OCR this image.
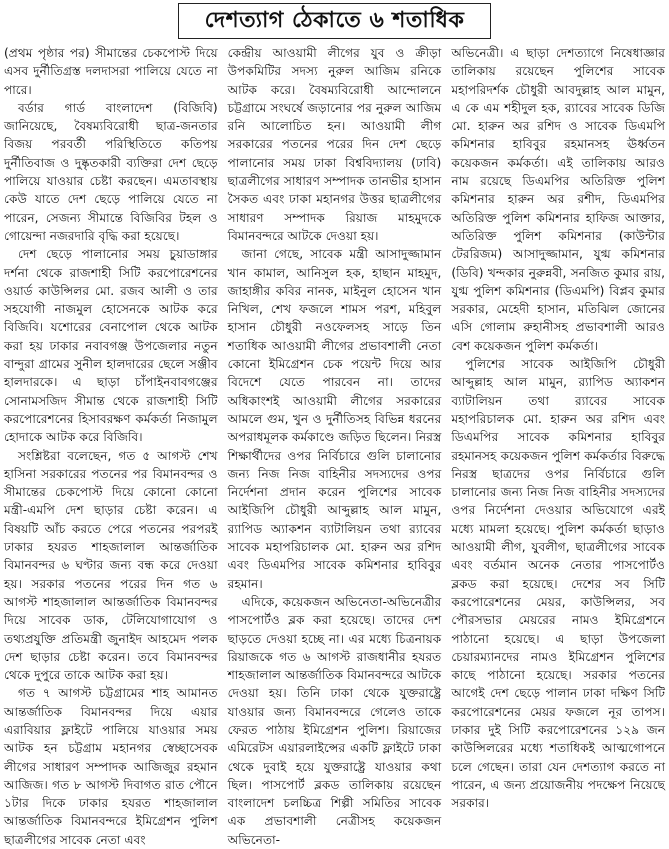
দেশত্যাগ ঠেকাতে ৬ শতাধিক

(প্রথম পৃষ্ঠার পর) সীমান্তের চেকপোস্ট দিয়ে এসব দুর্নীতিগ্রস্ত দলদাসরা পালিয়ে যেতে না পারে।

বর্ডার গার্ড বাংলাদেশ (বিজিবি) জানিয়েছে, বৈষম্যবিরোধী ছাত্র-জনতার বিজয় পরবর্তী পরিস্থিতিতে কতিপয় দুর্নীতিবাজ ও দুষ্কৃতকারী ব্যক্তিরা দেশ ছেড়ে পালিয়ে যাওয়ার চেষ্টা করছেন। এমতাবস্থায় কেউ যাতে দেশ ছেড়ে পালিয়ে যেতে না পারেন, সেজন্য সীমান্তে বিজিবির টহল ও গোয়েন্দা নজরদারি বৃদ্ধি করা হয়েছে।

দেশ ছেড়ে পালানোর সময় চুয়াডাঙ্গার দর্শনা থেকে রাজশাহী সিটি করপোরেশনের ওয়ার্ড কাউন্সিলর মো. রজব আলী ও তার সহযোগী নাজমুল হোসেনকে আটক করে বিজিবি। যশোরের বেনাপোল থেকে আটক করা হয় ঢাকার নবাবগঞ্জ উপজেলার নতুন বান্দুরা গ্রামের সুনীল হালদারের ছেলে সঞ্জীব হালদারকে। এ ছাড়া চাঁপাইনবাবগঞ্জের সোনামসজিদ সীমান্ত থেকে রাজশাহী সিটি করপোরেশনের হিসাবরক্ষণ কর্মকর্তা নিজামুল হোদাকে আটক করে বিজিবি।

সংশ্লিষ্টরা বলেছেন, গত ৫ আগস্ট শেখ হাসিনা সরকারের পতনের পর বিমানবন্দর ও সীমান্তের চেকপোস্ট দিয়ে কোনো কোনো মন্ত্রী-এমপি দেশ ছাড়ার চেষ্টা করেন। এ বিষয়টি আঁচ করতে পেরে পতনের পরপরই ঢাকার হযরত শাহজালাল আন্তর্জাতিক বিমানবন্দর ৬ ঘণ্টার জন্য বন্ধ করে দেওয়া হয়। সরকার পতনের পরের দিন গত ৬ আগস্ট শাহজালাল আন্তর্জাতিক বিমানবন্দর দিয়ে সাবেক ডাক, টেলিযোগাযোগ ও তথ্যপ্রযুক্তি প্রতিমন্ত্রী জুনাইদ আহমেদ পলক দেশ ছাড়ার চেষ্টা করেন। তবে বিমানবন্দর থেকে দুপুরে তাকে আটক করা হয়।

গত ৭ আগস্ট চট্টগ্রামের শাহ আমানত আন্তর্জাতিক বিমানবন্দর দিয়ে এয়ার এরাবিয়ার ফ্লাইটে পালিয়ে যাওয়ার সময় আটক হন চট্টগ্রাম মহানগর স্বেচ্ছাসেবক লীগের সাধারণ সম্পাদক আজিজুর রহমান আজিজ। গত ৮ আগস্ট দিবাগত রাত পৌনে ১টার দিকে ঢাকার হযরত শাহজালাল আন্তর্জাতিক বিমানবন্দরে ইমিগ্রেশন পুলিশ ছাত্রলীগের সাবেক নেতা এবং

কেন্দ্রীয় আওয়ামী লীগের যুব ও ক্রীড়া উপকমিটির সদস্য নুরুল আজিম রনিকে আটক করে। বৈষম্যবিরোধী আন্দোলনে চট্টগ্রামে সংঘর্ষে জড়ানোর পর নুরুল আজিম রনি আলোচিত হন। আওয়ামী লীগ সরকারের পতনের পরের দিন দেশ ছেড়ে পালানোর সময় ঢাকা বিশ্ববিদ্যালয় (ঢাবি) ছাত্রলীগের সাধারণ সম্পাদক তানভীর হাসান সৈকত এবং ঢাকা মহানগর উত্তর ছাত্রলীগের সাধারণ সম্পাদক রিয়াজ মাহমুদকে বিমানবন্দরে আটকে দেওয়া হয়।

জানা গেছে, সাবেক মন্ত্রী আসাদুজ্জামান খান কামাল, আনিসুল হক, হাছান মাহমুদ, জাহাঙ্গীর কবির নানক, মাইনুল হোসেন খান নিখিল, শেখ ফজলে শামস পরশ, মহিবুল হাসান চৌধুরী নওফেলসহ সাড়ে তিন শতাধিক আওয়ামী লীগের প্রভাবশালী নেতা কোনো ইমিগ্রেশন চেক পয়েন্ট দিয়ে আর বিদেশে যেতে পারবেন না। তাদের অধিকাংশই আওয়ামী লীগের সরকারের আমলে গুম, খুন ও দুর্নীতিসহ বিভিন্ন ধরনের অপরাধমূলক কর্মকাণ্ডে জড়িত ছিলেন। নিরস্ত্র শিক্ষার্থীদের ওপর নির্বিচারে গুলি চালানোর জন্য নিজ নিজ বাহিনীর সদস্যদের ওপর নির্দেশনা প্রদান করেন পুলিশের সাবেক আইজিপি চৌধুরী আব্দুল্লাহ আল মামুন, র‍্যাপিড অ্যাকশন ব্যাটালিয়ন তথা র‍্যাবের সাবেক মহাপরিচালক মো. হারুন অর রশিদ এবং ডিএমপির সাবেক কমিশনার হাবিবুর রহমান।

এদিকে, কয়েকজন অভিনেতা-অভিনেত্রীর পাসপোর্টও ব্লক করা হয়েছে। তাদের দেশ ছাড়তে দেওয়া হচ্ছে না। এর মধ্যে চিত্রনায়ক রিয়াজকে গত ৬ আগস্ট রাজধানীর হযরত শাহজালাল আন্তর্জাতিক বিমানবন্দরে আটকে দেওয়া হয়। তিনি ঢাকা থেকে যুক্তরাষ্ট্রে যাওয়ার জন্য বিমানবন্দরে গেলেও তাকে ফেরত পাঠায় ইমিগ্রেশন পুলিশ। রিয়াজের এমিরেটস এয়ারলাইন্সের একটি ফ্লাইটে ঢাকা থেকে দুবাই হয়ে যুক্তরাষ্ট্রে যাওয়ার কথা ছিল। পাসপোর্ট ব্লকড তালিকায় রয়েছেন বাংলাদেশ চলচ্চিত্র শিল্পী সমিতির সাবেক এক প্রভাবশালী নেত্রীসহ কয়েকজন অভিনেতা-

অভিনেত্রী। এ ছাড়া দেশত্যাগে নিষেধাজ্ঞার তালিকায় রয়েছেন পুলিশের সাবেক মহাপরিদর্শক চৌধুরী আবদুল্লাহ আল মামুন, এ কে এম শহীদুল হক, র‍্যাবের সাবেক ডিজি মো. হারুন অর রশিদ ও সাবেক ডিএমপি কমিশনার হাবিবুর রহমানসহ ঊর্ধ্বতন কয়েকজন কর্মকর্তা। এই তালিকায় আরও নাম রয়েছে ডিএমপির অতিরিক্ত পুলিশ কমিশনার হারুন অর রশীদ, ডিএমপির অতিরিক্ত পুলিশ কমিশনার হাফিজ আক্তার, অতিরিক্ত পুলিশ কমিশনার (কাউন্টার টেররিজম) আসাদুজ্জামান, যুগ্ম কমিশনার (ডিবি) খন্দকার নুরুন্নবী, সনজিত কুমার রায়, যুগ্ম পুলিশ কমিশনার (ডিএমপি) বিপ্লব কুমার সরকার, মেহেদী হাসান, মতিঝিল জোনের এসি গোলাম রুহানীসহ প্রভাবশালী আরও বেশ কয়েকজন পুলিশ কর্মকর্তা।

পুলিশের সাবেক আইজিপি চৌধুরী আব্দুল্লাহ আল মামুন, র‍্যাপিড অ্যাকশন ব্যাটালিয়ন তথা র‍্যাবের সাবেক মহাপরিচালক মো. হারুন অর রশিদ এবং ডিএমপির সাবেক কমিশনার হাবিবুর রহমানসহ কয়েকজন পুলিশ কর্মকর্তার বিরুদ্ধে নিরস্ত্র ছাত্রদের ওপর নির্বিচারে গুলি চালানোর জন্য নিজ নিজ বাহিনীর সদস্যদের ওপর নির্দেশনা দেওয়ার অভিযোগে এরই মধ্যে মামলা হয়েছে। পুলিশ কর্মকর্তা ছাড়াও আওয়ামী লীগ, যুবলীগ, ছাত্রলীগের সাবেক এবং বর্তমান অনেক নেতার পাসপোর্টও ব্লকড করা হয়েছে। দেশের সব সিটি করপোরেশনের মেয়র, কাউন্সিলর, সব পৌরসভার মেয়রের নামও ইমিগ্রেশনে পাঠানো হয়েছে। এ ছাড়া উপজেলা চেয়ারম্যানদের নামও ইমিগ্রেশন পুলিশের কাছে পাঠানো হয়েছে। সরকার পতনের আগেই দেশ ছেড়ে পালান ঢাকা দক্ষিণ সিটি করপোরেশনের মেয়র ফজলে নূর তাপস। ঢাকার দুই সিটি করপোরেশনের ১২৯ জন কাউন্সিলরের মধ্যে শতাধিকই আত্মগোপনে চলে গেছেন। তারা যেন দেশত্যাগ করতে না পারেন, এ জন্য প্রয়োজনীয় পদক্ষেপ নিয়েছে সরকার।
